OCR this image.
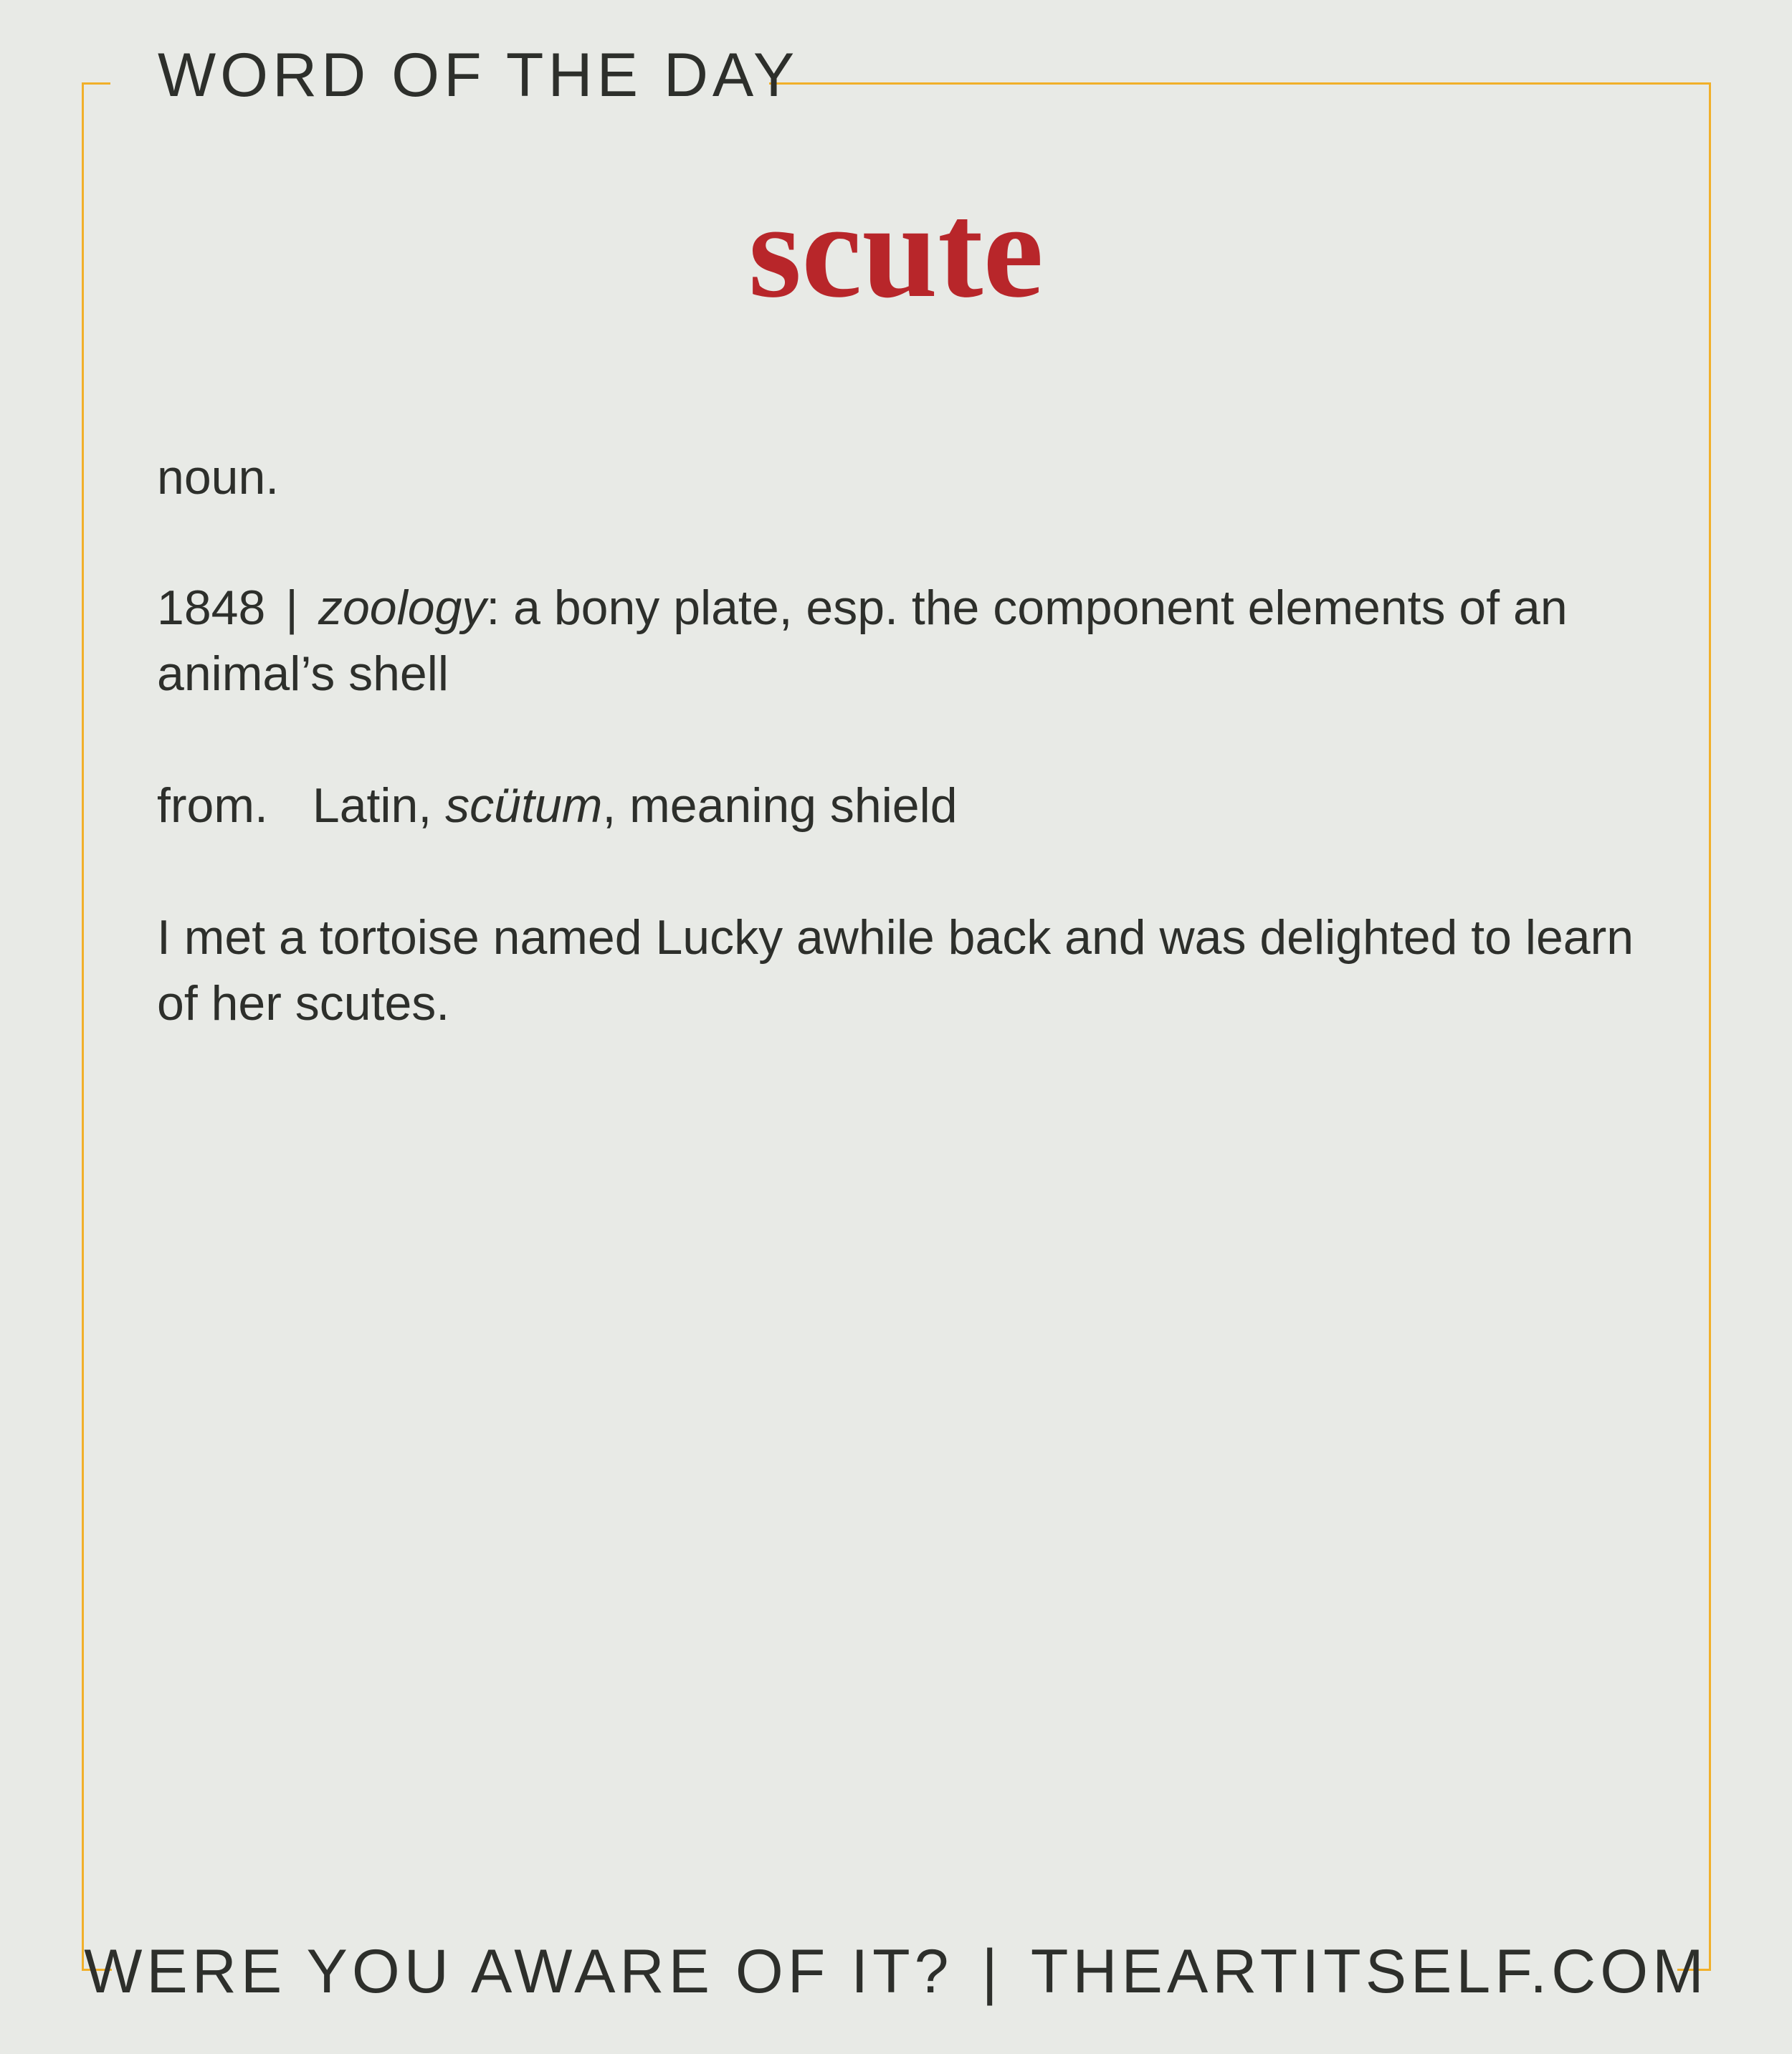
WORD OF THE DAY
scute
noun.
1848 | zoology: a bony plate, esp. the component elements of an animal’s shell
from. Latin, scütum, meaning shield
I met a tortoise named Lucky awhile back and was delighted to learn of her scutes.
WERE YOU AWARE OF IT? | THEARTITSELF.COM
